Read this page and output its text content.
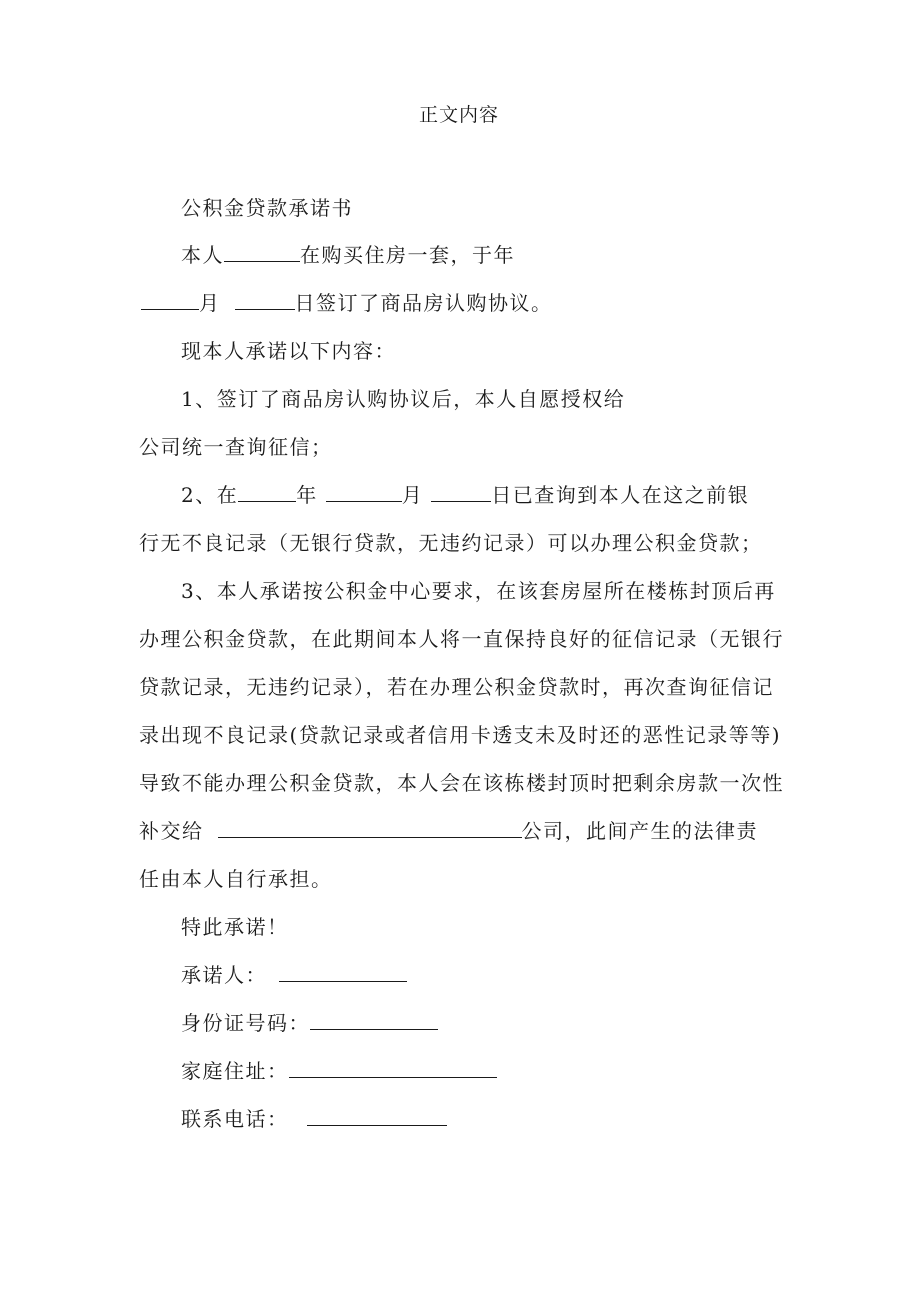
正文内容
公积金贷款承诺书
本人	在购买住房一套，于年
月	日签订了商品房认购协议。
现本人承诺以下内容：
1、签订了商品房认购协议后，本人自愿授权给
公司统一查询征信；
2、在	年	月	日已查询到本人在这之前银
行无不良记录（无银行贷款，无违约记录）可以办理公积金贷款；
3、本人承诺按公积金中心要求，在该套房屋所在楼栋封顶后再
办理公积金贷款，在此期间本人将一直保持良好的征信记录（无银行
贷款记录，无违约记录），若在办理公积金贷款时，再次查询征信记
录出现不良记录(贷款记录或者信用卡透支未及时还的恶性记录等等)
导致不能办理公积金贷款，本人会在该栋楼封顶时把剩余房款一次性
补交给	公司，此间产生的法律责
任由本人自行承担。
特此承诺！
承诺人：
身份证号码：
家庭住址：
联系电话：
